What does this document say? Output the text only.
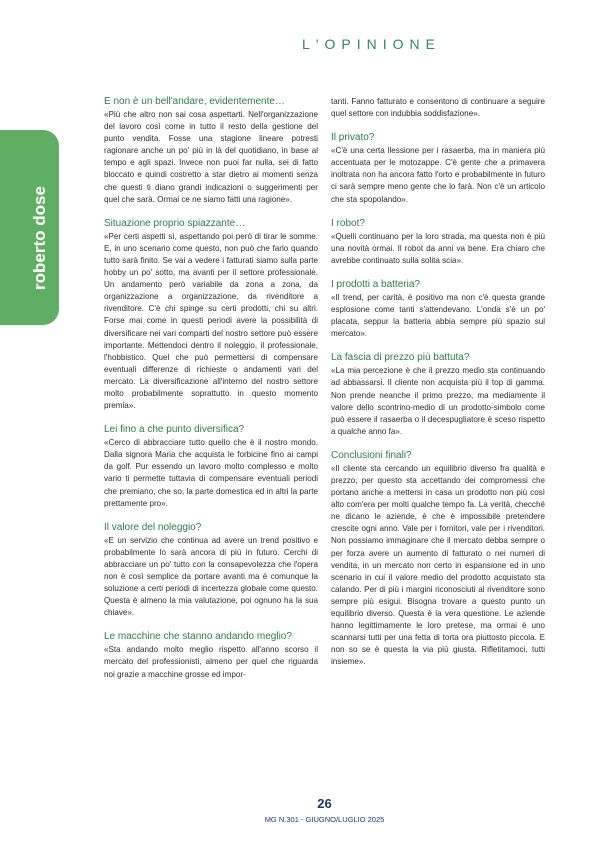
L'OPINIONE
roberto dose
E non è un bell'andare, evidentemente…
«Più che altro non sai cosa aspettarti. Nell'organizzazione del lavoro così come in tutto il resto della gestione del punto vendita. Fosse una stagione lineare potresti ragionare anche un po' più in là del quotidiano, in base al tempo e agli spazi. Invece non puoi far nulla, sei di fatto bloccato e quindi costretto a star dietro ai momenti senza che questi ti diano grandi indicazioni o suggerimenti per quel che sarà. Ormai ce ne siamo fatti una ragione».
Situazione proprio spiazzante…
«Per certi aspetti sì, aspettando poi però di tirar le somme. E, in uno scenario come questo, non può che farlo quando tutto sarà finito. Se vai a vedere i fatturati siamo sulla parte hobby un po' sotto, ma avanti per il settore professionale. Un andamento però variabile da zona a zona, da organizzazione a organizzazione, da rivenditore a rivenditore. C'è chi spinge su certi prodotti, chi su altri. Forse mai come in questi periodi avere la possibilità di diversificare nei vari comparti del nostro settore può essere importante. Mettendoci dentro il noleggio, il professionale, l'hobbistico. Quel che può permettersi di compensare eventuali differenze di richieste o andamenti vari del mercato. La diversificazione all'interno del nostro settore molto probabilmente soprattutto in questo momento premia».
Lei fino a che punto diversifica?
«Cerco di abbracciare tutto quello che è il nostro mondo. Dalla signora Maria che acquista le forbicine fino ai campi da golf. Pur essendo un lavoro molto complesso e molto vario ti permette tuttavia di compensare eventuali periodi che premiano, che so, la parte domestica ed in altri la parte prettamente pro».
Il valore del noleggio?
«E un servizio che continua ad avere un trend positivo e probabilmente lo sarà ancora di più in futuro. Cerchi di abbracciare un po' tutto con la consapevolezza che l'opera non è così semplice da portare avanti ma è comunque la soluzione a certi periodi di incertezza globale come questo. Questa è almeno la mia valutazione, poi ognuno ha la sua chiave».
Le macchine che stanno andando meglio?
«Sta andando molto meglio rispetto all'anno scorso il mercato del professionisti, almeno per quel che riguarda noi grazie a macchine grosse ed impor-
tanti. Fanno fatturato e consentono di continuare a seguire quel settore con indubbia soddisfazione».
Il privato?
«C'è una certa llessione per i rasaerba, ma in maniera più accentuata per le motozappe. C'è gente che a primavera inoltrata non ha ancora fatto l'orto e probabilmente in futuro ci sarà sempre meno gente che lo farà. Non c'è un articolo che sta spopolando».
I robot?
«Quelli continuano per la loro strada, ma questa non è più una novità ormai. Il robot da anni va bene. Era chiaro che avrebbe continuato sulla solita scia».
I prodotti a batteria?
«Il trend, per carità, è positivo ma non c'è questa grande esplosione come tanti s'attendevano. L'onda s'è un po' placata, seppur la batteria abbia sempre più spazio sul mercato».
La fascia di prezzo più battuta?
«La mia percezione è che il prezzo medio sta continuando ad abbassarsi. Il cliente non acquista più il top di gamma. Non prende neanche il primo prezzo, ma mediamente il valore dello scontrino-medio di un prodotto-simbolo come può essere il rasaerba o il decespugliatore è sceso rispetto a qualche anno fa».
Conclusioni finali?
«Il cliente sta cercando un equilibrio diverso fra qualità e prezzo, per questo sta accettando dei compromessi che portano anche a mettersi in casa un prodotto non più così alto com'era per molti qualche tempo fa. La verità, checché ne dicano le aziende, è che è impossibile pretendere crescite ogni anno. Vale per i fornitori, vale per i rivenditori. Non possiamo immaginare che il mercato debba sempre o per forza avere un aumento di fatturato o nei numeri di vendita, in un mercato non certo in espansione ed in uno scenario in cui il valore medio del prodotto acquistato sta calando. Per di più i margini riconosciuti al rivenditore sono sempre più esigui. Bisogna trovare a questo punto un equilibrio diverso. Questa è la vera questione. Le aziende hanno legittimamente le loro pretese, ma ormai è uno scannarsi tutti per una fetta di torta ora piuttosto piccola. E non so se è questa la via più giusta. Rifletitamoci, tutti insieme».
26
MG N.301 - GIUGNO/LUGLIO 2025
